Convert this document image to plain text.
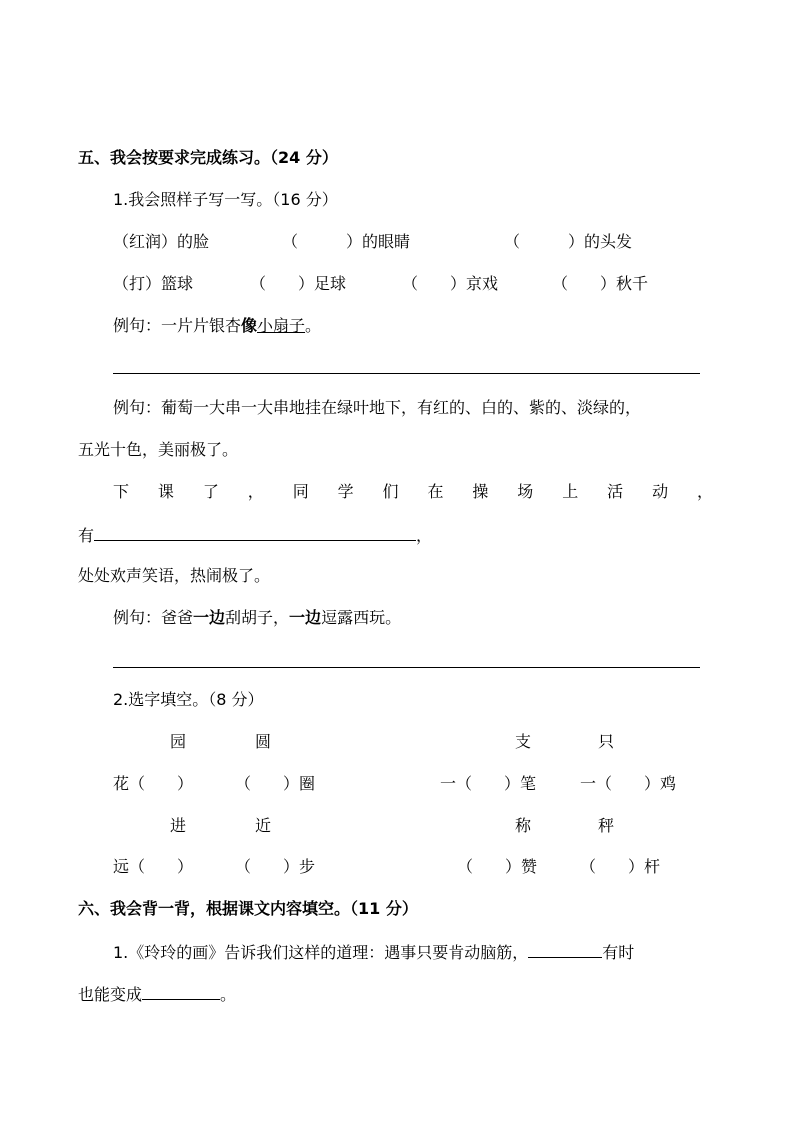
五、我会按要求完成练习。（24 分）
1.我会照样子写一写。（16 分）
（红润）的脸	（　　　）的眼睛	（　　　）的头发
（打）篮球	（　　）足球	（　　）京戏	（　　）秋千
例句：一片片银杏像小扇子。
例句：葡萄一大串一大串地挂在绿叶地下，有红的、白的、紫的、淡绿的，
五光十色，美丽极了。
下 课 了 ， 同 学 们 在 操 场 上 活 动 ，
有	，
处处欢声笑语，热闹极了。
例句：爸爸一边刮胡子，一边逗露西玩。
2.选字填空。（8 分）
园	圆	支	只
花（　　）	（　　）圈	一（　　）笔	一（　　）鸡
进	近	称	秤
远（　　）	（　　）步	（　　）赞	（　　）杆
六、我会背一背，根据课文内容填空。（11 分）
1.《玲玲的画》告诉我们这样的道理：遇事只要肯动脑筋，	有时
也能变成	。
